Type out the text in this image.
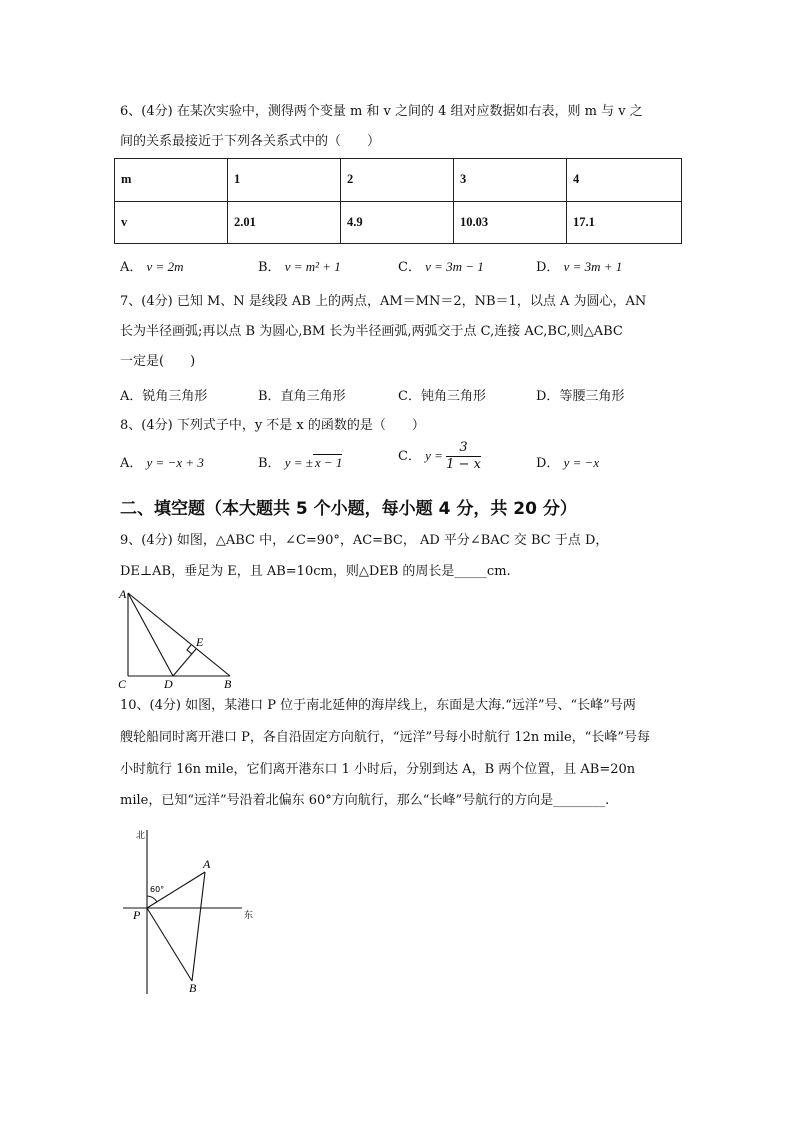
6、(4分) 在某次实验中，测得两个变量 m 和 v 之间的 4 组对应数据如右表，则 m 与 v 之
间的关系最接近于下列各关系式中的（　　）
m	1	2	3	4
v	2.01	4.9	10.03	17.1
A． v = 2m	B． v = m² + 1	C． v = 3m − 1	D． v = 3m + 1
7、(4分) 已知 M、N 是线段 AB 上的两点，AM＝MN＝2，NB＝1，以点 A 为圆心，AN
长为半径画弧;再以点 B 为圆心,BM 长为半径画弧,两弧交于点 C,连接 AC,BC,则△ABC
一定是(　　)
A．锐角三角形	B．直角三角形	C．钝角三角形	D．等腰三角形
8、(4分) 下列式子中，y 不是 x 的函数的是（　　）
A． y = −x + 3	B． y = ± x − 1	C． $y = \frac{3}{1 - x}$	D． y = −x
二、填空题（本大题共 5 个小题，每小题 4 分，共 20 分）
9、(4分) 如图，△ABC 中，∠C=90°，AC=BC， AD 平分∠BAC 交 BC 于点 D，
DE⊥AB，垂足为 E，且 AB=10cm，则△DEB 的周长是_____cm.
A
C	D	B
E
10、(4分) 如图，某港口 P 位于南北延伸的海岸线上，东面是大海.“远洋”号、“长峰”号两
艘轮船同时离开港口 P，各自沿固定方向航行，“远洋”号每小时航行 12n mile，“长峰”号每
小时航行 16n mile，它们离开港东口 1 小时后，分别到达 A，B 两个位置，且 AB=20n
mile，已知“远洋”号沿着北偏东 60°方向航行，那么“长峰”号航行的方向是________.
北
东
60°
P
A
B
